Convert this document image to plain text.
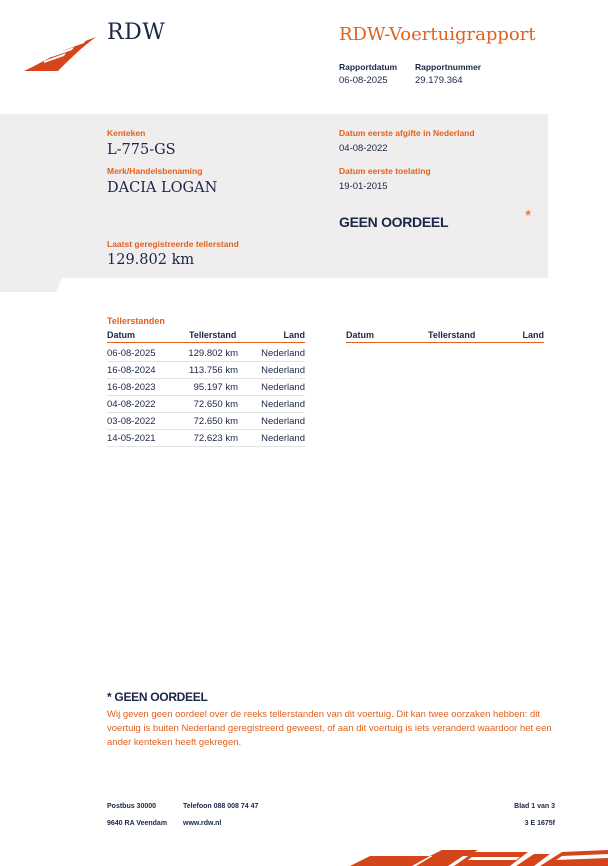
RDW	RDW-Voertuigrapport
Rapportdatum
06-08-2025
Rapportnummer
29.179.364
Kenteken
L-775-GS
Merk/Handelsbenaming
DACIA LOGAN
Datum eerste afgifte in Nederland
04-08-2022
Datum eerste toelating
19-01-2015
GEEN OORDEEL	*
Laatst geregistreerde tellerstand
129.802 km
Tellerstanden
Datum	Tellerstand	Land	Datum	Tellerstand	Land
06-08-2025	129.802 km Nederland
16-08-2024	113.756 km Nederland
16-08-2023	95.197 km Nederland
04-08-2022	72.650 km Nederland
03-08-2022	72.650 km Nederland
14-05-2021	72.623 km Nederland
* GEEN OORDEEL
Wij geven geen oordeel over de reeks tellerstanden van dit voertuig. Dit kan twee oorzaken hebben: dit voertuig is buiten Nederland geregistreerd geweest, of aan dit voertuig is iets veranderd waardoor het een ander kenteken heeft gekregen.
Postbus 30000
9640 RA Veendam
Telefoon 088 008 74 47
www.rdw.nl
Blad 1 van 3
3 E 1675f
